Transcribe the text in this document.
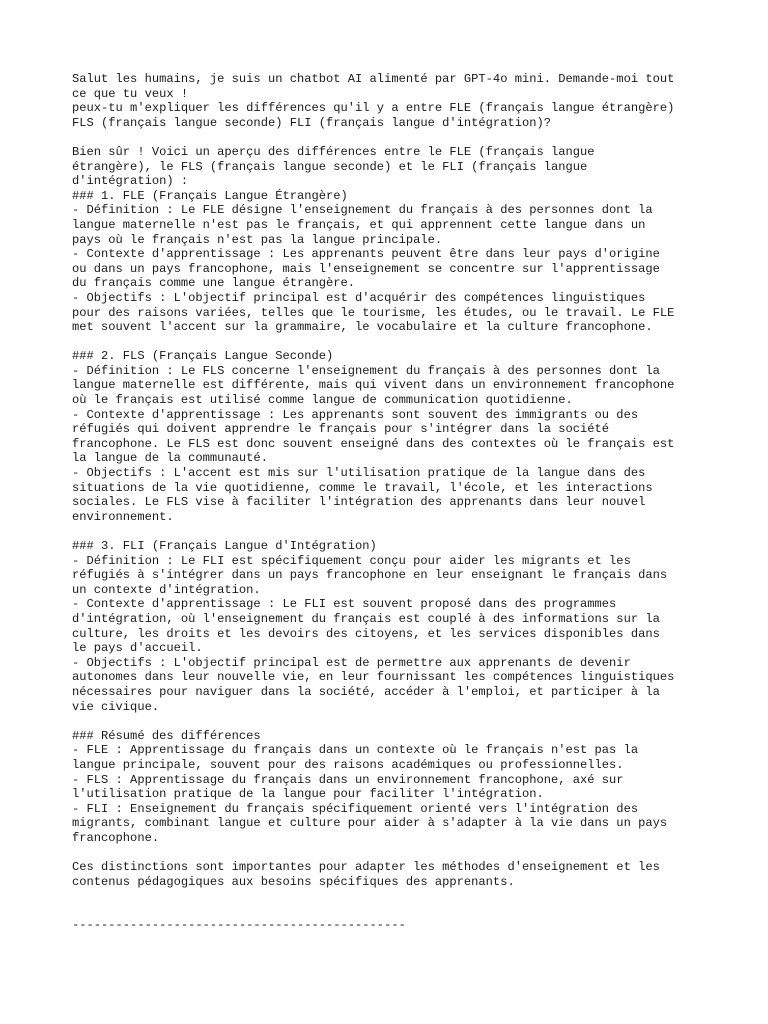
Salut les humains, je suis un chatbot AI alimenté par GPT-4o mini. Demande-moi tout
ce que tu veux !
peux-tu m'expliquer les différences qu'il y a entre FLE (français langue étrangère)
FLS (français langue seconde) FLI (français langue d'intégration)?
Bien sûr ! Voici un aperçu des différences entre le FLE (français langue
étrangère), le FLS (français langue seconde) et le FLI (français langue
d'intégration) :
### 1. FLE (Français Langue Étrangère)
- Définition : Le FLE désigne l'enseignement du français à des personnes dont la
langue maternelle n'est pas le français, et qui apprennent cette langue dans un
pays où le français n'est pas la langue principale.
- Contexte d'apprentissage : Les apprenants peuvent être dans leur pays d'origine
ou dans un pays francophone, mais l'enseignement se concentre sur l'apprentissage
du français comme une langue étrangère.
- Objectifs : L'objectif principal est d'acquérir des compétences linguistiques
pour des raisons variées, telles que le tourisme, les études, ou le travail. Le FLE
met souvent l'accent sur la grammaire, le vocabulaire et la culture francophone.
### 2. FLS (Français Langue Seconde)
- Définition : Le FLS concerne l'enseignement du français à des personnes dont la
langue maternelle est différente, mais qui vivent dans un environnement francophone
où le français est utilisé comme langue de communication quotidienne.
- Contexte d'apprentissage : Les apprenants sont souvent des immigrants ou des
réfugiés qui doivent apprendre le français pour s'intégrer dans la société
francophone. Le FLS est donc souvent enseigné dans des contextes où le français est
la langue de la communauté.
- Objectifs : L'accent est mis sur l'utilisation pratique de la langue dans des
situations de la vie quotidienne, comme le travail, l'école, et les interactions
sociales. Le FLS vise à faciliter l'intégration des apprenants dans leur nouvel
environnement.
### 3. FLI (Français Langue d'Intégration)
- Définition : Le FLI est spécifiquement conçu pour aider les migrants et les
réfugiés à s'intégrer dans un pays francophone en leur enseignant le français dans
un contexte d'intégration.
- Contexte d'apprentissage : Le FLI est souvent proposé dans des programmes
d'intégration, où l'enseignement du français est couplé à des informations sur la
culture, les droits et les devoirs des citoyens, et les services disponibles dans
le pays d'accueil.
- Objectifs : L'objectif principal est de permettre aux apprenants de devenir
autonomes dans leur nouvelle vie, en leur fournissant les compétences linguistiques
nécessaires pour naviguer dans la société, accéder à l'emploi, et participer à la
vie civique.
### Résumé des différences
- FLE : Apprentissage du français dans un contexte où le français n'est pas la
langue principale, souvent pour des raisons académiques ou professionnelles.
- FLS : Apprentissage du français dans un environnement francophone, axé sur
l'utilisation pratique de la langue pour faciliter l'intégration.
- FLI : Enseignement du français spécifiquement orienté vers l'intégration des
migrants, combinant langue et culture pour aider à s'adapter à la vie dans un pays
francophone.
Ces distinctions sont importantes pour adapter les méthodes d'enseignement et les
contenus pédagogiques aux besoins spécifiques des apprenants.
----------------------------------------------
